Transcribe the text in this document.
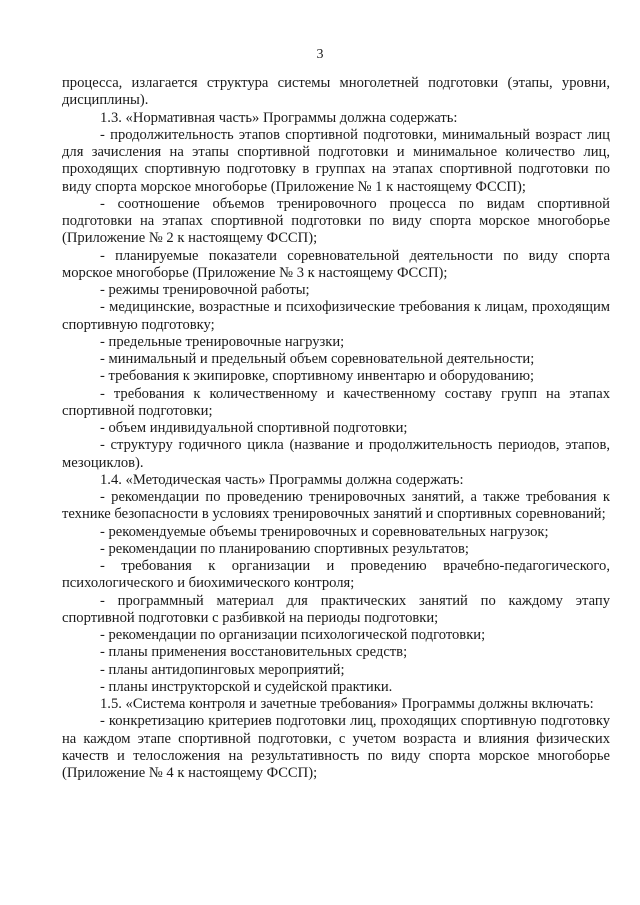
3

процесса, излагается структура системы многолетней подготовки (этапы, уровни, дисциплины).

1.3. «Нормативная часть» Программы должна содержать:

- продолжительность этапов спортивной подготовки, минимальный возраст лиц для зачисления на этапы спортивной подготовки и минимальное количество лиц, проходящих спортивную подготовку в группах на этапах спортивной подготовки по виду спорта морское многоборье (Приложение № 1 к настоящему ФССП);

- соотношение объемов тренировочного процесса по видам спортивной подготовки на этапах спортивной подготовки по виду спорта морское многоборье (Приложение № 2 к настоящему ФССП);

- планируемые показатели соревновательной деятельности по виду спорта морское многоборье (Приложение № 3 к настоящему ФССП);

- режимы тренировочной работы;

- медицинские, возрастные и психофизические требования к лицам, проходящим спортивную подготовку;

- предельные тренировочные нагрузки;

- минимальный и предельный объем соревновательной деятельности;

- требования к экипировке, спортивному инвентарю и оборудованию;

- требования к количественному и качественному составу групп на этапах спортивной подготовки;

- объем индивидуальной спортивной подготовки;

- структуру годичного цикла (название и продолжительность периодов, этапов, мезоциклов).

1.4. «Методическая часть» Программы должна содержать:

- рекомендации по проведению тренировочных занятий, а также требования к технике безопасности в условиях тренировочных занятий и спортивных соревнований;

- рекомендуемые объемы тренировочных и соревновательных нагрузок;

- рекомендации по планированию спортивных результатов;

- требования к организации и проведению врачебно-педагогического, психологического и биохимического контроля;

- программный материал для практических занятий по каждому этапу спортивной подготовки с разбивкой на периоды подготовки;

- рекомендации по организации психологической подготовки;

- планы применения восстановительных средств;

- планы антидопинговых мероприятий;

- планы инструкторской и судейской практики.

1.5. «Система контроля и зачетные требования» Программы должны включать:

- конкретизацию критериев подготовки лиц, проходящих спортивную подготовку на каждом этапе спортивной подготовки, с учетом возраста и влияния физических качеств и телосложения на результативность по виду спорта морское многоборье (Приложение № 4 к настоящему ФССП);
